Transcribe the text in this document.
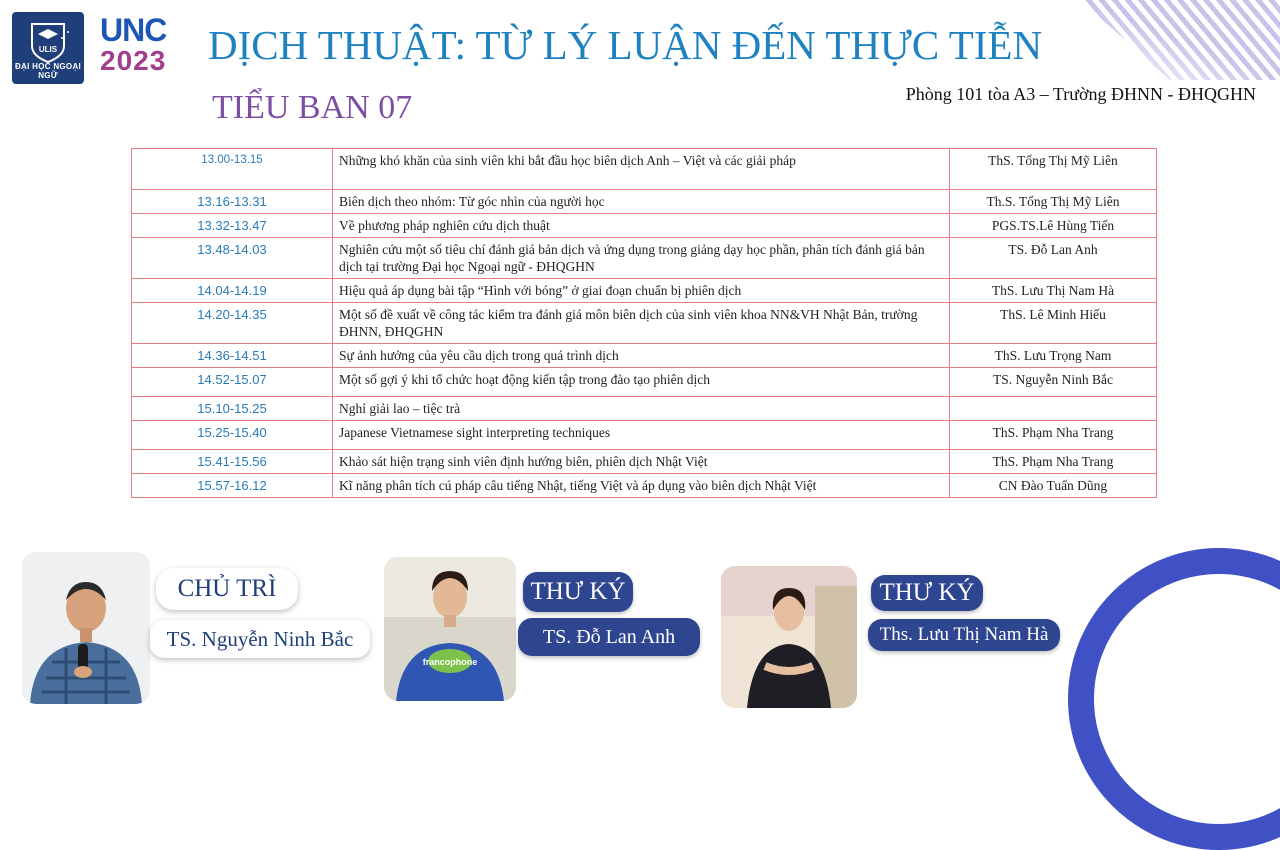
ULIS
ĐẠI HỌC NGOẠI NGỮ
UNC
2023	DỊCH THUẬT: TỪ LÝ LUẬN ĐẾN THỰC TIỄN
TIỂU BAN 07	Phòng 101 tòa A3 – Trường ĐHNN - ĐHQGHN
13.00-13.15	Những khó khăn của sinh viên khi bắt đầu học biên dịch Anh – Việt và các giải pháp	ThS. Tống Thị Mỹ Liên
13.16-13.31	Biên dịch theo nhóm: Từ góc nhìn của người học	Th.S. Tống Thị Mỹ Liên
13.32-13.47	Về phương pháp nghiên cứu dịch thuật	PGS.TS.Lê Hùng Tiến
13.48-14.03	Nghiên cứu một số tiêu chí đánh giá bản dịch và ứng dụng trong giảng dạy học phần, phân tích đánh giá bản dịch tại trường Đại học Ngoại ngữ - ĐHQGHN	TS. Đỗ Lan Anh
14.04-14.19	Hiệu quả áp dụng bài tập “Hình với bóng” ở giai đoạn chuẩn bị phiên dịch	ThS. Lưu Thị Nam Hà
14.20-14.35	Một số đề xuất về công tác kiểm tra đánh giá môn biên dịch của sinh viên khoa NN&VH Nhật Bản, trường ĐHNN, ĐHQGHN	ThS. Lê Minh Hiếu
14.36-14.51	Sự ảnh hưởng của yêu cầu dịch trong quá trình dịch	ThS. Lưu Trọng Nam
14.52-15.07	Một số gợi ý khi tổ chức hoạt động kiến tập trong đào tạo phiên dịch	TS. Nguyễn Ninh Bắc
15.10-15.25	Nghỉ giải lao – tiệc trà	
15.25-15.40	Japanese Vietnamese sight interpreting techniques	ThS. Phạm Nha Trang
15.41-15.56	Khảo sát hiện trạng sinh viên định hướng biên, phiên dịch Nhật Việt	ThS. Phạm Nha Trang
15.57-16.12	Kĩ năng phân tích cú pháp câu tiếng Nhật, tiếng Việt và áp dụng vào biên dịch Nhật Việt	CN Đào Tuấn Dũng
CHỦ TRÌ
TS. Nguyễn Ninh Bắc
francophone
THƯ KÝ
TS. Đỗ Lan Anh
THƯ KÝ
Ths. Lưu Thị Nam Hà
